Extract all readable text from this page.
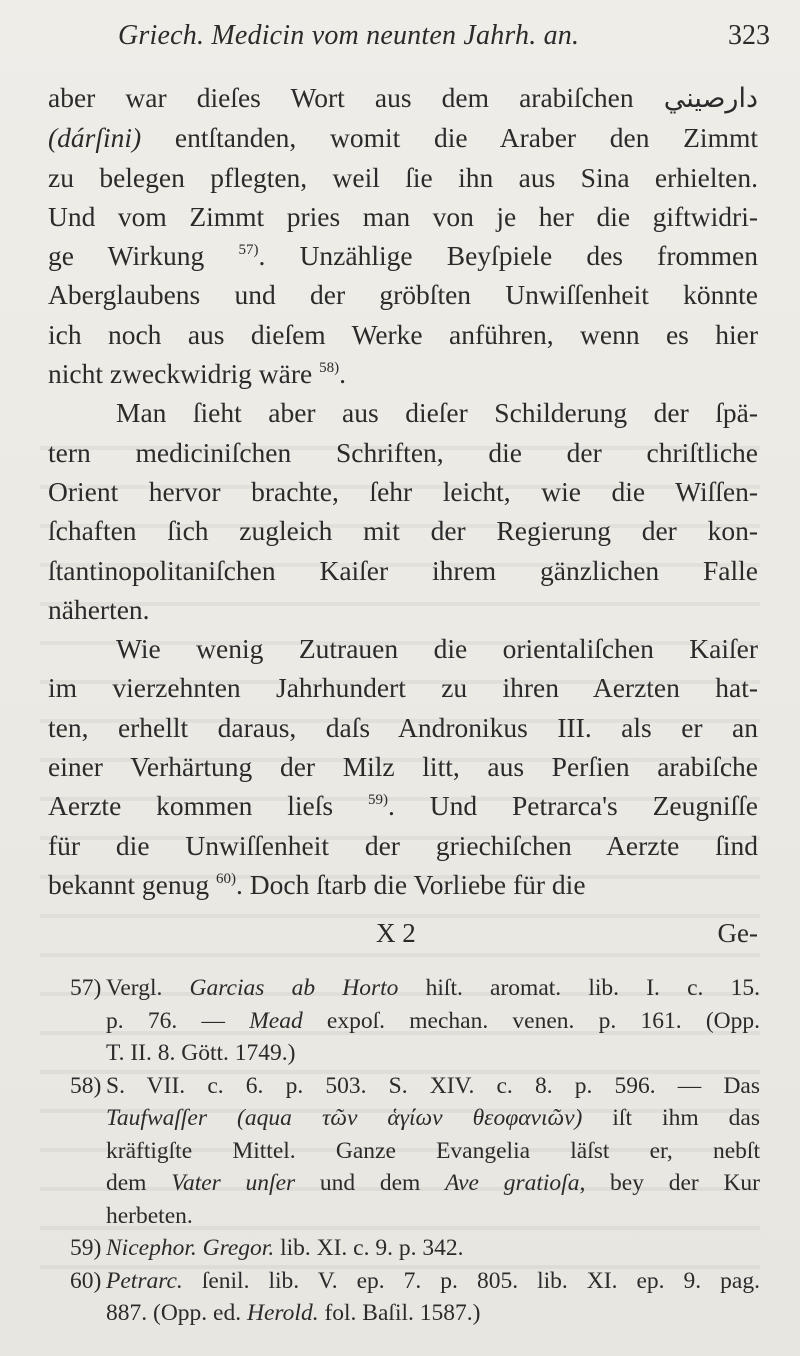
Griech. Medicin vom neunten Jahrh. an.	323
aber war dieſes Wort aus dem arabiſchen دارصيني
(dárſini) entſtanden, womit die Araber den Zimmt
zu belegen pflegten, weil ſie ihn aus Sina erhielten.
Und vom Zimmt pries man von je her die giftwidri-
ge Wirkung $^{57)}$. Unzählige Beyſpiele des frommen
Aberglaubens und der gröbſten Unwiſſenheit könnte
ich noch aus dieſem Werke anführen, wenn es hier
nicht zweckwidrig wäre $^{58)}$.
Man ſieht aber aus dieſer Schilderung der ſpä-
tern mediciniſchen Schriften, die der chriſtliche
Orient hervor brachte, ſehr leicht, wie die Wiſſen-
ſchaften ſich zugleich mit der Regierung der kon-
ſtantinopolitaniſchen Kaiſer ihrem gänzlichen Falle
näherten.
Wie wenig Zutrauen die orientaliſchen Kaiſer
im vierzehnten Jahrhundert zu ihren Aerzten hat-
ten, erhellt daraus, daſs Andronikus III. als er an
einer Verhärtung der Milz litt, aus Perſien arabiſche
Aerzte kommen lieſs $^{59)}$. Und Petrarca's Zeugniſſe
für die Unwiſſenheit der griechiſchen Aerzte ſind
bekannt genug $^{60)}$. Doch ſtarb die Vorliebe für die
X 2	Ge-
57) Vergl. Garcias ab Horto hiſt. aromat. lib. I. c. 15.
p. 76. — Mead expoſ. mechan. venen. p. 161. (Opp.
T. II. 8. Gött. 1749.)
58) S. VII. c. 6. p. 503. S. XIV. c. 8. p. 596. — Das
Taufwaſſer (aqua τῶν ἁγίων θεοφανιῶν) iſt ihm das
kräftigſte Mittel. Ganze Evangelia läſst er, nebſt
dem Vater unſer und dem Ave gratioſa, bey der Kur
herbeten.
59) Nicephor. Gregor. lib. XI. c. 9. p. 342.
60) Petrarc. ſenil. lib. V. ep. 7. p. 805. lib. XI. ep. 9. pag.
887. (Opp. ed. Herold. fol. Baſil. 1587.)
